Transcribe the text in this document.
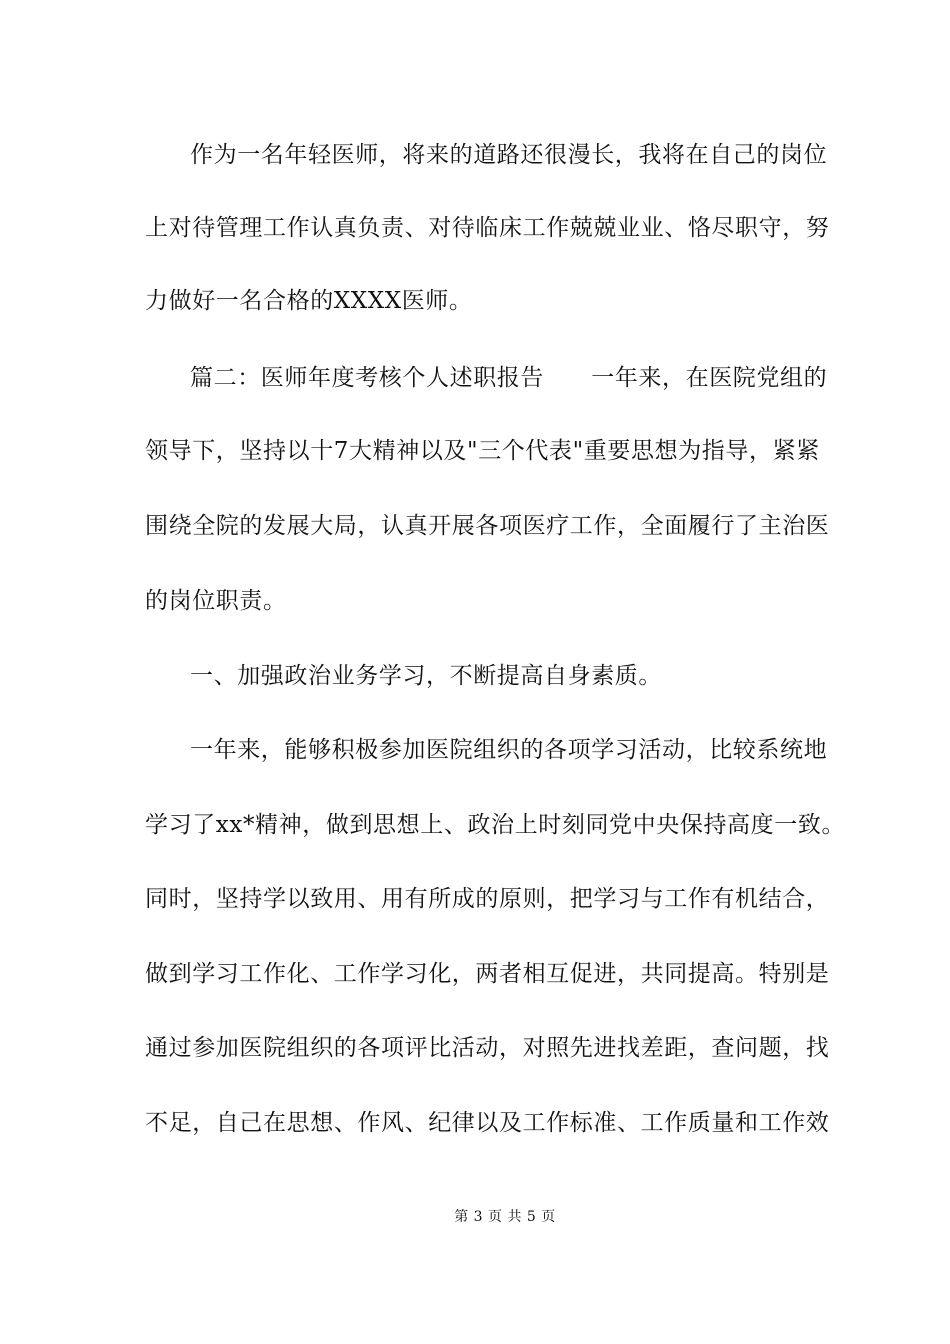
作为一名年轻医师，将来的道路还很漫长，我将在自己的岗位
上对待管理工作认真负责、对待临床工作兢兢业业、恪尽职守，努
力做好一名合格的XXXX医师。
篇二：医师年度考核个人述职报告　　一年来，在医院党组的
领导下，坚持以十7大精神以及"三个代表"重要思想为指导，紧紧
围绕全院的发展大局，认真开展各项医疗工作，全面履行了主治医
的岗位职责。
一、加强政治业务学习，不断提高自身素质。
一年来，能够积极参加医院组织的各项学习活动，比较系统地
学习了xx*精神，做到思想上、政治上时刻同党中央保持高度一致。
同时，坚持学以致用、用有所成的原则，把学习与工作有机结合，
做到学习工作化、工作学习化，两者相互促进，共同提高。特别是
通过参加医院组织的各项评比活动，对照先进找差距，查问题，找
不足，自己在思想、作风、纪律以及工作标准、工作质量和工作效
第 3 页 共 5 页
